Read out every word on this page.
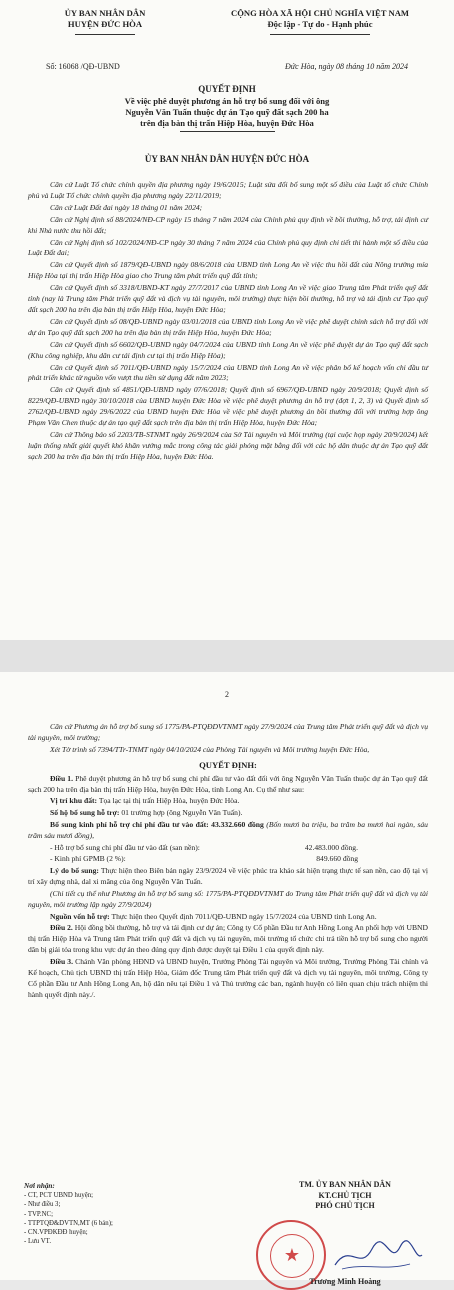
ỦY BAN NHÂN DÂN
HUYỆN ĐỨC HÒA
CỘNG HÒA XÃ HỘI CHỦ NGHĨA VIỆT NAM
Độc lập - Tự do - Hạnh phúc
Số: 16068 /QĐ-UBND	Đức Hòa, ngày 08 tháng 10 năm 2024
QUYẾT ĐỊNH
Về việc phê duyệt phương án hỗ trợ bổ sung đối với ông
Nguyễn Văn Tuấn thuộc dự án Tạo quỹ đất sạch 200 ha
trên địa bàn thị trấn Hiệp Hòa, huyện Đức Hòa
ỦY BAN NHÂN DÂN HUYỆN ĐỨC HÒA

Căn cứ Luật Tổ chức chính quyền địa phương ngày 19/6/2015; Luật sửa đổi bổ sung một số điều của Luật tổ chức Chính phủ và Luật Tổ chức chính quyền địa phương ngày 22/11/2019;

Căn cứ Luật Đất đai ngày 18 tháng 01 năm 2024;

Căn cứ Nghị định số 88/2024/NĐ-CP ngày 15 tháng 7 năm 2024 của Chính phủ quy định về bồi thường, hỗ trợ, tái định cư khi Nhà nước thu hồi đất;

Căn cứ Nghị định số 102/2024/NĐ-CP ngày 30 tháng 7 năm 2024 của Chính phủ quy định chi tiết thi hành một số điều của Luật Đất đai;

Căn cứ Quyết định số 1879/QĐ-UBND ngày 08/6/2018 của UBND tỉnh Long An về việc thu hồi đất của Nông trường mía Hiệp Hòa tại thị trấn Hiệp Hòa giao cho Trung tâm phát triển quỹ đất tỉnh;

Căn cứ Quyết định số 3318/UBND-KT ngày 27/7/2017 của UBND tỉnh Long An về việc giao Trung tâm Phát triển quỹ đất tỉnh (nay là Trung tâm Phát triển quỹ đất và dịch vụ tài nguyên, môi trường) thực hiện bồi thường, hỗ trợ và tái định cư Tạo quỹ đất sạch 200 ha trên địa bàn thị trấn Hiệp Hòa, huyện Đức Hòa;

Căn cứ Quyết định số 08/QĐ-UBND ngày 03/01/2018 của UBND tỉnh Long An về việc phê duyệt chính sách hỗ trợ đối với dự án Tạo quỹ đất sạch 200 ha trên địa bàn thị trấn Hiệp Hòa, huyện Đức Hòa;

Căn cứ Quyết định số 6602/QĐ-UBND ngày 04/7/2024 của UBND tỉnh Long An về việc phê duyệt dự án Tạo quỹ đất sạch (Khu công nghiệp, khu dân cư tái định cư tại thị trấn Hiệp Hòa);

Căn cứ Quyết định số 7011/QĐ-UBND ngày 15/7/2024 của UBND tỉnh Long An về việc phân bổ kế hoạch vốn chi đầu tư phát triển khác từ nguồn vốn vượt thu tiền sử dụng đất năm 2023;

Căn cứ Quyết định số 4851/QĐ-UBND ngày 07/6/2018; Quyết định số 6967/QĐ-UBND ngày 20/9/2018; Quyết định số 8229/QĐ-UBND ngày 30/10/2018 của UBND huyện Đức Hòa về việc phê duyệt phương án hỗ trợ (đợt 1, 2, 3) và Quyết định số 2762/QĐ-UBND ngày 29/6/2022 của UBND huyện Đức Hòa về việc phê duyệt phương án bồi thường đối với trường hợp ông Phạm Văn Chen thuộc dự án tạo quỹ đất sạch trên địa bàn thị trấn Hiệp Hòa, huyện Đức Hòa;

Căn cứ Thông báo số 2203/TB-STNMT ngày 26/9/2024 của Sở Tài nguyên và Môi trường (tại cuộc họp ngày 20/9/2024) kết luận thống nhất giải quyết khó khăn vướng mắc trong công tác giải phóng mặt bằng đối với các hộ dân thuộc dự án Tạo quỹ đất sạch 200 ha trên địa bàn thị trấn Hiệp Hòa, huyện Đức Hòa.

2

Căn cứ Phương án hỗ trợ bổ sung số 1775/PA-PTQĐDVTNMT ngày 27/9/2024 của Trung tâm Phát triển quỹ đất và dịch vụ tài nguyên, môi trường;

Xét Tờ trình số 7394/TTr-TNMT ngày 04/10/2024 của Phòng Tài nguyên và Môi trường huyện Đức Hòa,

QUYẾT ĐỊNH:

Điều 1. Phê duyệt phương án hỗ trợ bổ sung chi phí đầu tư vào đất đối với ông Nguyễn Văn Tuấn thuộc dự án Tạo quỹ đất sạch 200 ha trên địa bàn thị trấn Hiệp Hòa, huyện Đức Hòa, tỉnh Long An. Cụ thể như sau:

Vị trí khu đất: Tọa lạc tại thị trấn Hiệp Hòa, huyện Đức Hòa.

Số hộ bổ sung hỗ trợ: 01 trường hợp (ông Nguyễn Văn Tuấn).

Bổ sung kinh phí hỗ trợ chi phí đầu tư vào đất: 43.332.660 đồng (Bốn mươi ba triệu, ba trăm ba mươi hai ngàn, sáu trăm sáu mươi đồng),

- Hỗ trợ bổ sung chi phí đầu tư vào đất (san nền):	42.483.000 đồng.
- Kinh phí GPMB (2 %):	849.660 đồng

Lý do bổ sung: Thực hiện theo Biên bản ngày 23/9/2024 về việc phúc tra khảo sát hiện trạng thực tế san nền, cao độ tại vị trí xây dựng nhà, dal xi măng của ông Nguyễn Văn Tuấn.

(Chi tiết cụ thể như Phương án hỗ trợ bổ sung số: 1775/PA-PTQĐDVTNMT do Trung tâm Phát triển quỹ đất và dịch vụ tài nguyên, môi trường lập ngày 27/9/2024)

Nguồn vốn hỗ trợ: Thực hiện theo Quyết định 7011/QĐ-UBND ngày 15/7/2024 của UBND tỉnh Long An.

Điều 2. Hội đồng bồi thường, hỗ trợ và tái định cư dự án; Công ty Cổ phần Đầu tư Anh Hồng Long An phối hợp với UBND thị trấn Hiệp Hòa và Trung tâm Phát triển quỹ đất và dịch vụ tài nguyên, môi trường tổ chức chi trả tiền hỗ trợ bổ sung cho người dân bị giải tỏa trong khu vực dự án theo đúng quy định được duyệt tại Điều 1 của quyết định này.

Điều 3. Chánh Văn phòng HĐND và UBND huyện, Trưởng Phòng Tài nguyên và Môi trường, Trưởng Phòng Tài chính và Kế hoạch, Chủ tịch UBND thị trấn Hiệp Hòa, Giám đốc Trung tâm Phát triển quỹ đất và dịch vụ tài nguyên, môi trường, Công ty Cổ phần Đầu tư Anh Hồng Long An, hộ dân nêu tại Điều 1 và Thủ trưởng các ban, ngành huyện có liên quan chịu trách nhiệm thi hành quyết định này./.

Nơi nhận:
- CT, PCT UBND huyện;
- Như điều 3;
- TVP.NC;
- TTPTQĐ&DVTN,MT (6 bản);
- CN.VPĐKĐĐ huyện;
- Lưu VT.
TM. ỦY BAN NHÂN DÂN
KT.CHỦ TỊCH
PHÓ CHỦ TỊCH
★
Trương Minh Hoàng
